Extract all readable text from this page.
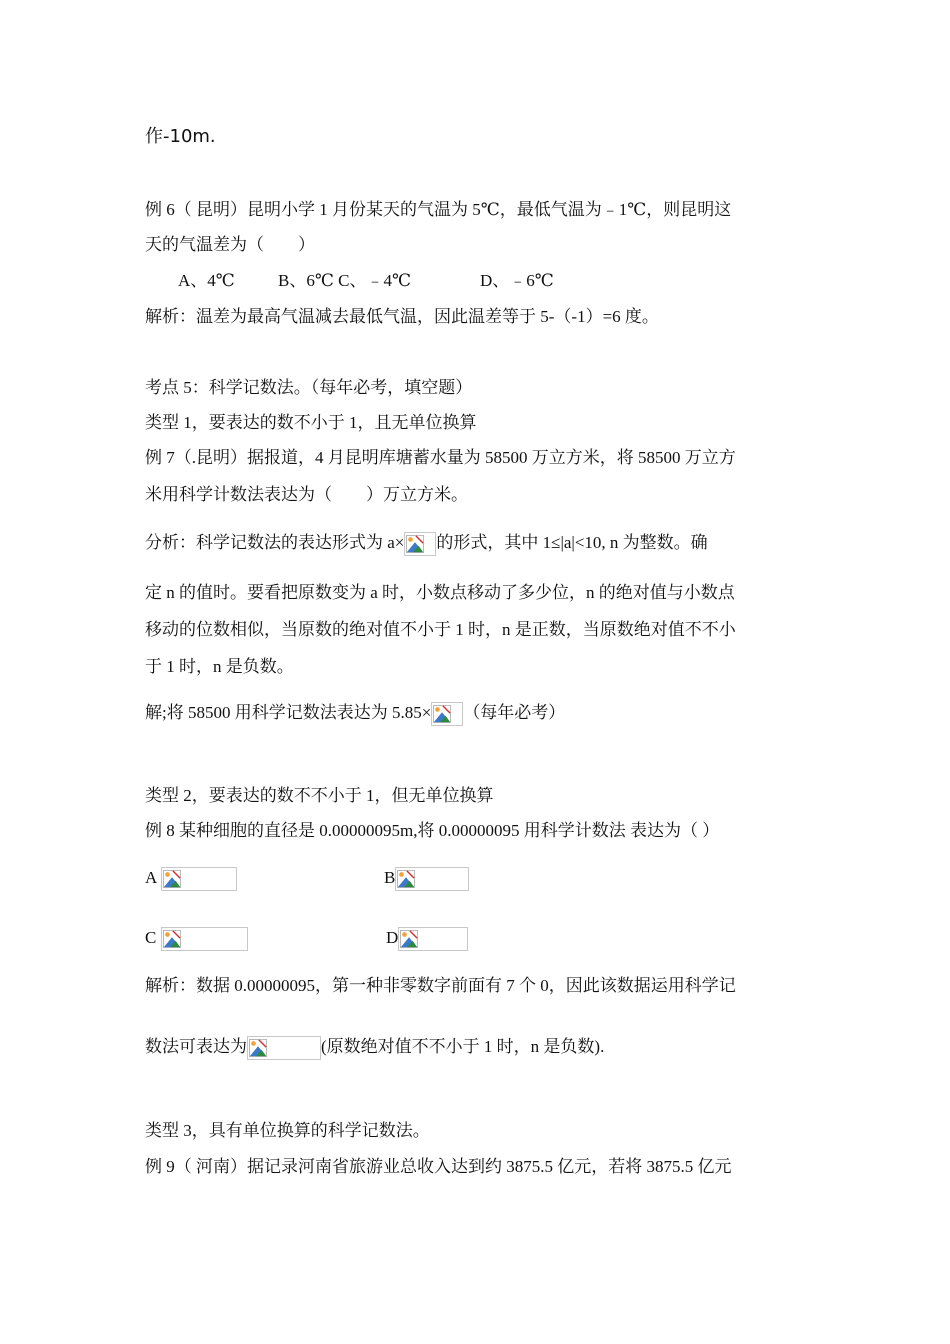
作-10m.
例 6（ 昆明）昆明小学 1 月份某天的气温为 5℃，最低气温为﹣1℃，则昆明这
天的气温差为（　　）
A、4℃	B、6℃ C、﹣4℃	D、﹣6℃
解析：温差为最高气温减去最低气温，因此温差等于 5-（-1）=6 度。
考点 5：科学记数法。（每年必考，填空题）
类型 1，要表达的数不小于 1，且无单位换算
例 7（.昆明）据报道，4 月昆明库塘蓄水量为 58500 万立方米，将 58500 万立方
米用科学计数法表达为（　　）万立方米。
分析：科学记数法的表达形式为 a× 的形式，其中 1≤|a|<10, n 为整数。确
定 n 的值时。要看把原数变为 a 时，小数点移动了多少位，n 的绝对值与小数点
移动的位数相似，当原数的绝对值不小于 1 时，n 是正数，当原数绝对值不不小
于 1 时，n 是负数。
解;将 58500 用科学记数法表达为 5.85× （每年必考）
类型 2，要表达的数不不小于 1，但无单位换算
例 8 某种细胞的直径是 0.00000095m,将 0.00000095 用科学计数法 表达为（ ）
A	B
C	D
解析：数据 0.00000095，第一种非零数字前面有 7 个 0，因此该数据运用科学记
数法可表达为	(原数绝对值不不小于 1 时，n 是负数).
类型 3，具有单位换算的科学记数法。
例 9（ 河南）据记录河南省旅游业总收入达到约 3875.5 亿元，若将 3875.5 亿元
